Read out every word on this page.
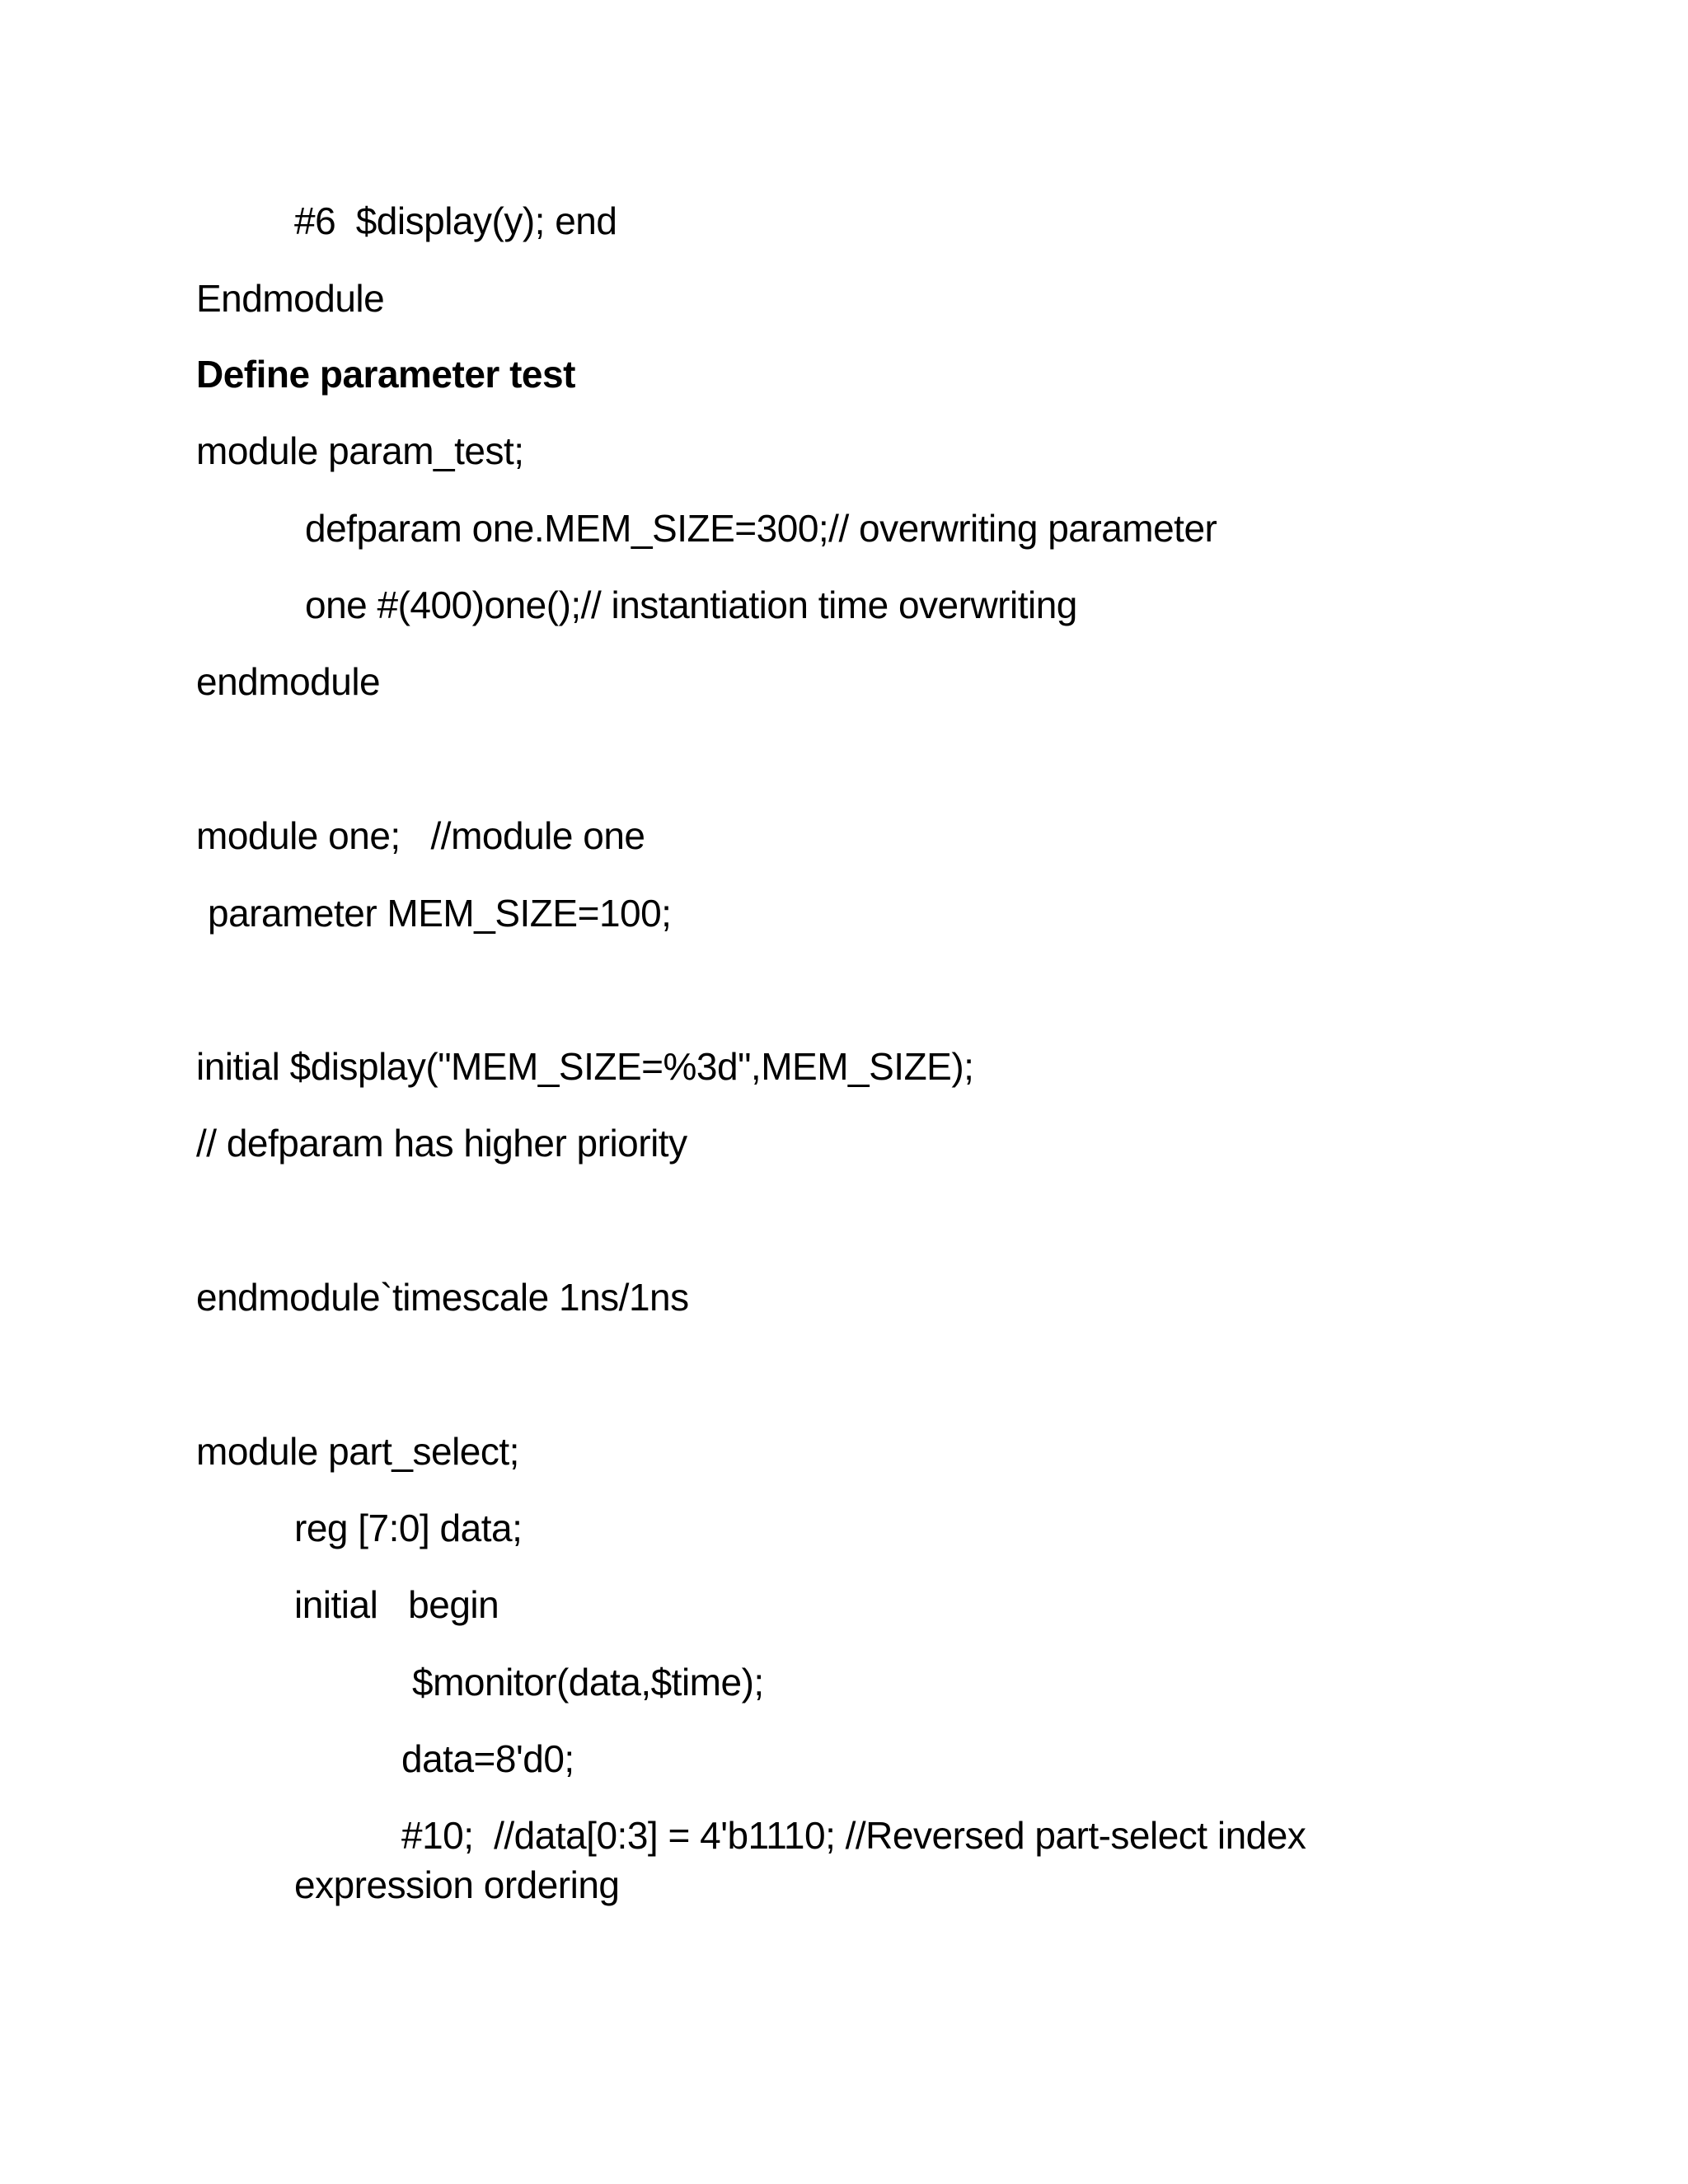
#6  $display(y); end
Endmodule
Define parameter test
module param_test;
defparam one.MEM_SIZE=300;// overwriting parameter
one #(400)one();// instantiation time overwriting
endmodule
module one;   //module one
parameter MEM_SIZE=100;
initial $display("MEM_SIZE=%3d",MEM_SIZE);
// defparam has higher priority
endmodule`timescale 1ns/1ns
module part_select;
reg [7:0] data;
initial   begin
$monitor(data,$time);
data=8'd0;
#10;  //data[0:3] = 4'b1110; //Reversed part-select index
expression ordering
